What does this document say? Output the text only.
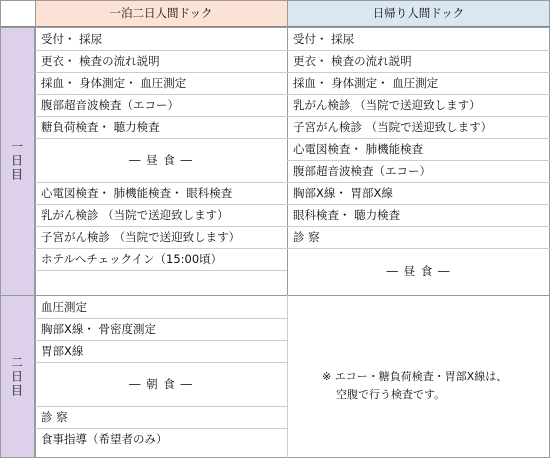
一泊二日人間ドック	日帰り人間ドック
一日目
二日目
受付・ 採尿
更衣・ 検査の流れ説明
採血・ 身体測定・ 血圧測定
腹部超音波検査（エコー）
糖負荷検査・ 聴力検査
― 昼 食 ―
心電図検査・ 肺機能検査・ 眼科検査
乳がん検診 （当院で送迎致します）
子宮がん検診 （当院で送迎致します）
ホテルへチェックイン（15:00頃）
受付・ 採尿
更衣・ 検査の流れ説明
採血・ 身体測定・ 血圧測定
乳がん検診 （当院で送迎致します）
子宮がん検診 （当院で送迎致します）
心電図検査・ 肺機能検査
腹部超音波検査（エコー）
胸部X線・ 胃部X線
眼科検査・ 聴力検査
診 察
― 昼 食 ―
血圧測定
胸部X線・ 骨密度測定
胃部X線
― 朝 食 ―
診 察
食事指導（希望者のみ）
※ エコー・糖負荷検査・胃部X線は、
空腹で行う検査です。
